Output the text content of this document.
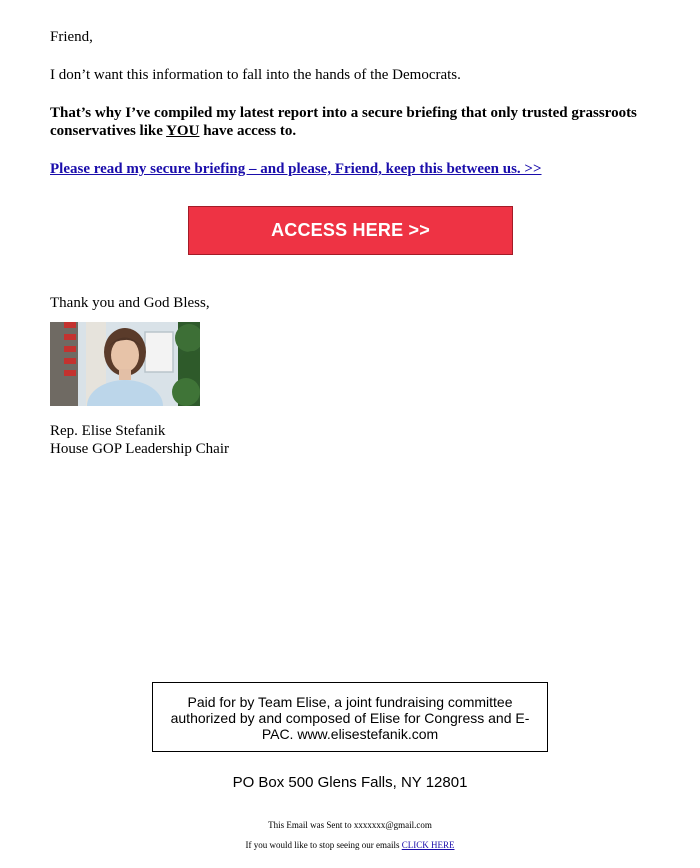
Friend,

I don’t want this information to fall into the hands of the Democrats.

That’s why I’ve compiled my latest report into a secure briefing that only trusted grassroots conservatives like YOU have access to.

Please read my secure briefing – and please, Friend, keep this between us. >>

ACCESS HERE >>
Thank you and God Bless,
Rep. Elise Stefanik
House GOP Leadership Chair
Paid for by Team Elise, a joint fundraising committee authorized by and composed of Elise for Congress and E-PAC. www.elisestefanik.com
PO Box 500 Glens Falls, NY 12801
This Email was Sent to xxxxxxx@gmail.com
If you would like to stop seeing our emails CLICK HERE
